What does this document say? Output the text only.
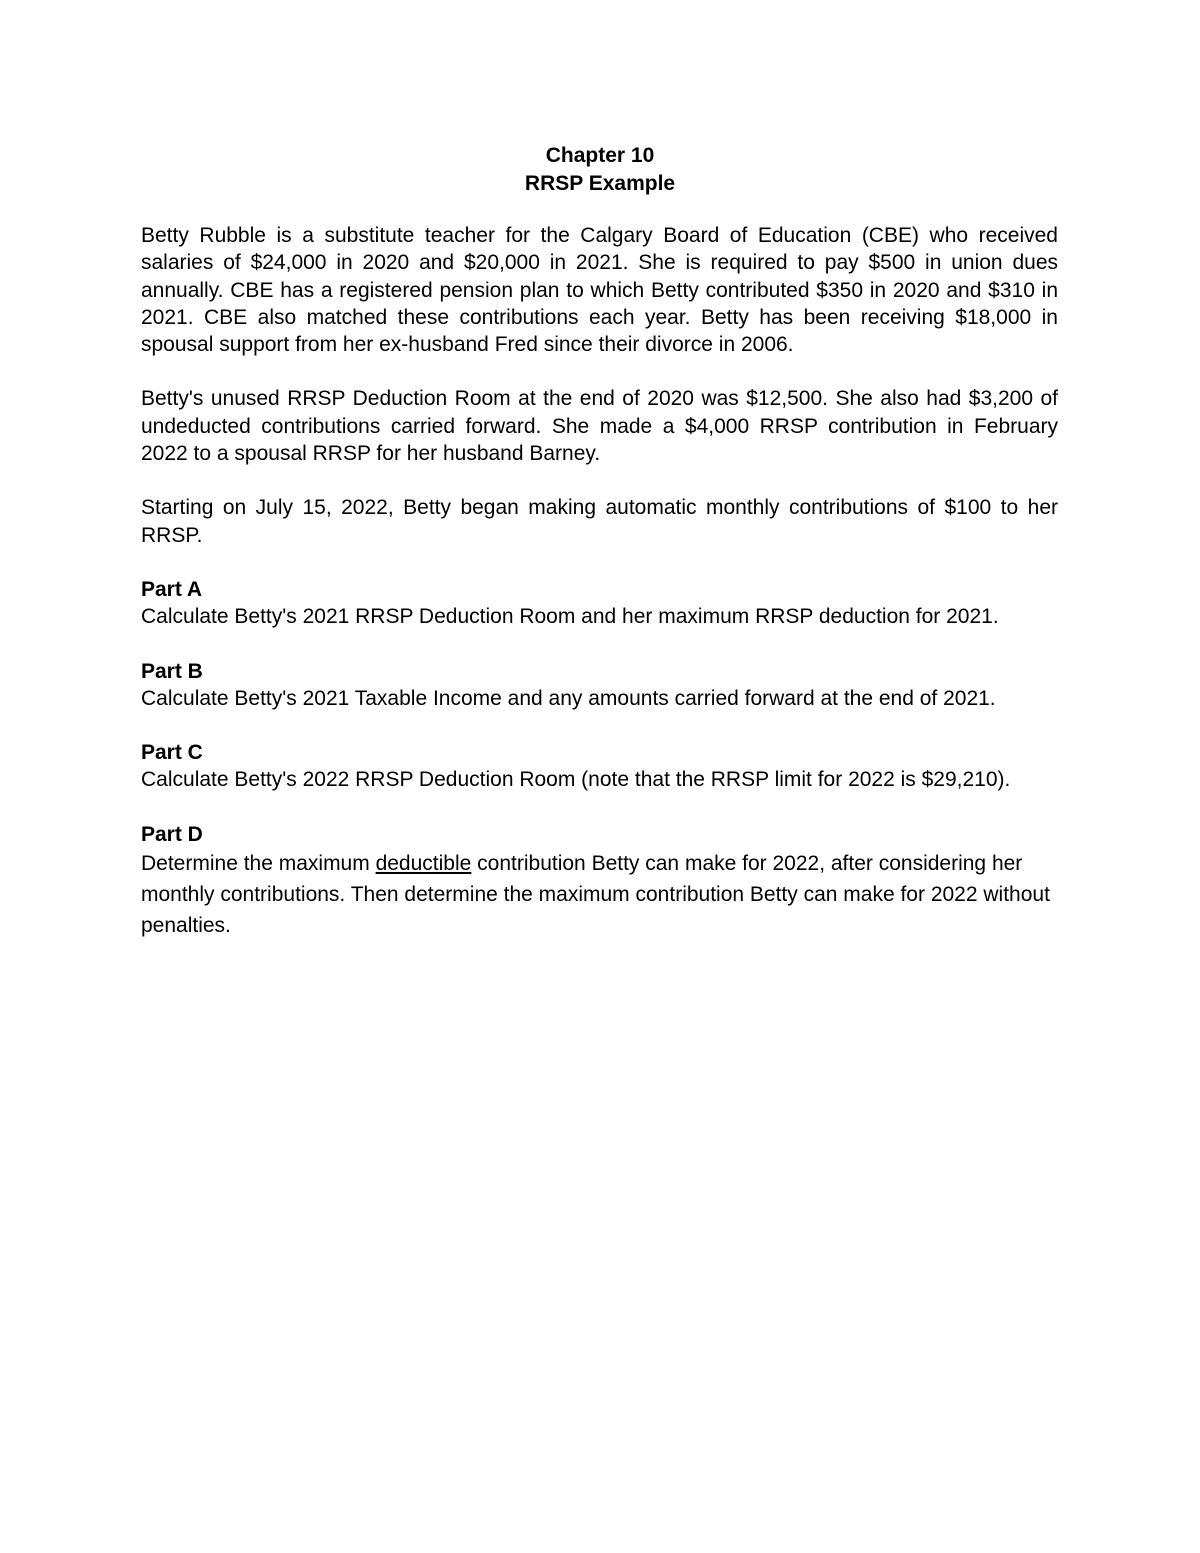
Chapter 10
RRSP Example

Betty Rubble is a substitute teacher for the Calgary Board of Education (CBE) who received salaries of $24,000 in 2020 and $20,000 in 2021. She is required to pay $500 in union dues annually. CBE has a registered pension plan to which Betty contributed $350 in 2020 and $310 in 2021. CBE also matched these contributions each year. Betty has been receiving $18,000 in spousal support from her ex-husband Fred since their divorce in 2006.

Betty's unused RRSP Deduction Room at the end of 2020 was $12,500. She also had $3,200 of undeducted contributions carried forward. She made a $4,000 RRSP contribution in February 2022 to a spousal RRSP for her husband Barney.

Starting on July 15, 2022, Betty began making automatic monthly contributions of $100 to her RRSP.

Part A
Calculate Betty's 2021 RRSP Deduction Room and her maximum RRSP deduction for 2021.
Part B
Calculate Betty's 2021 Taxable Income and any amounts carried forward at the end of 2021.
Part C
Calculate Betty's 2022 RRSP Deduction Room (note that the RRSP limit for 2022 is $29,210).
Part D
Determine the maximum deductible contribution Betty can make for 2022, after considering her monthly contributions. Then determine the maximum contribution Betty can make for 2022 without penalties.
